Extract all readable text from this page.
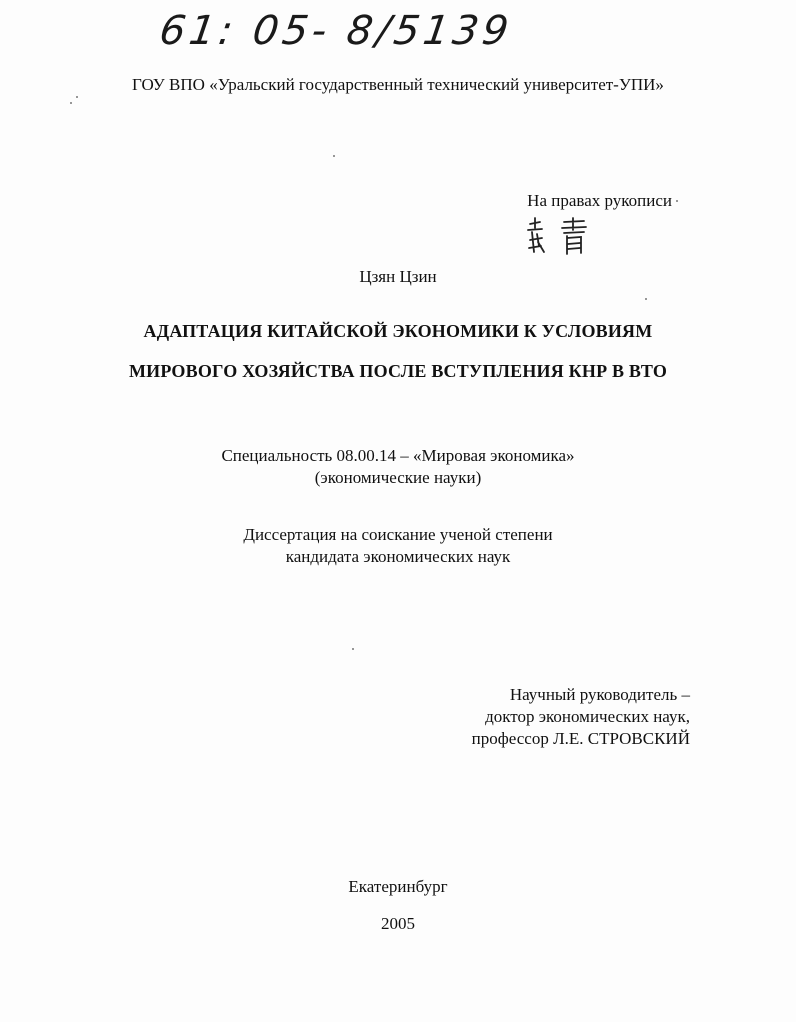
61: 05- 8/5139
ГОУ ВПО «Уральский государственный технический университет-УПИ»
На правах рукописи
Цзян Цзин
АДАПТАЦИЯ КИТАЙСКОЙ ЭКОНОМИКИ К УСЛОВИЯМ
МИРОВОГО ХОЗЯЙСТВА ПОСЛЕ ВСТУПЛЕНИЯ КНР В ВТО
Специальность 08.00.14 – «Мировая экономика»
(экономические науки)
Диссертация на соискание ученой степени
кандидата экономических наук
Научный руководитель –
доктор экономических наук,
профессор Л.Е. СТРОВСКИЙ
Екатеринбург
2005
